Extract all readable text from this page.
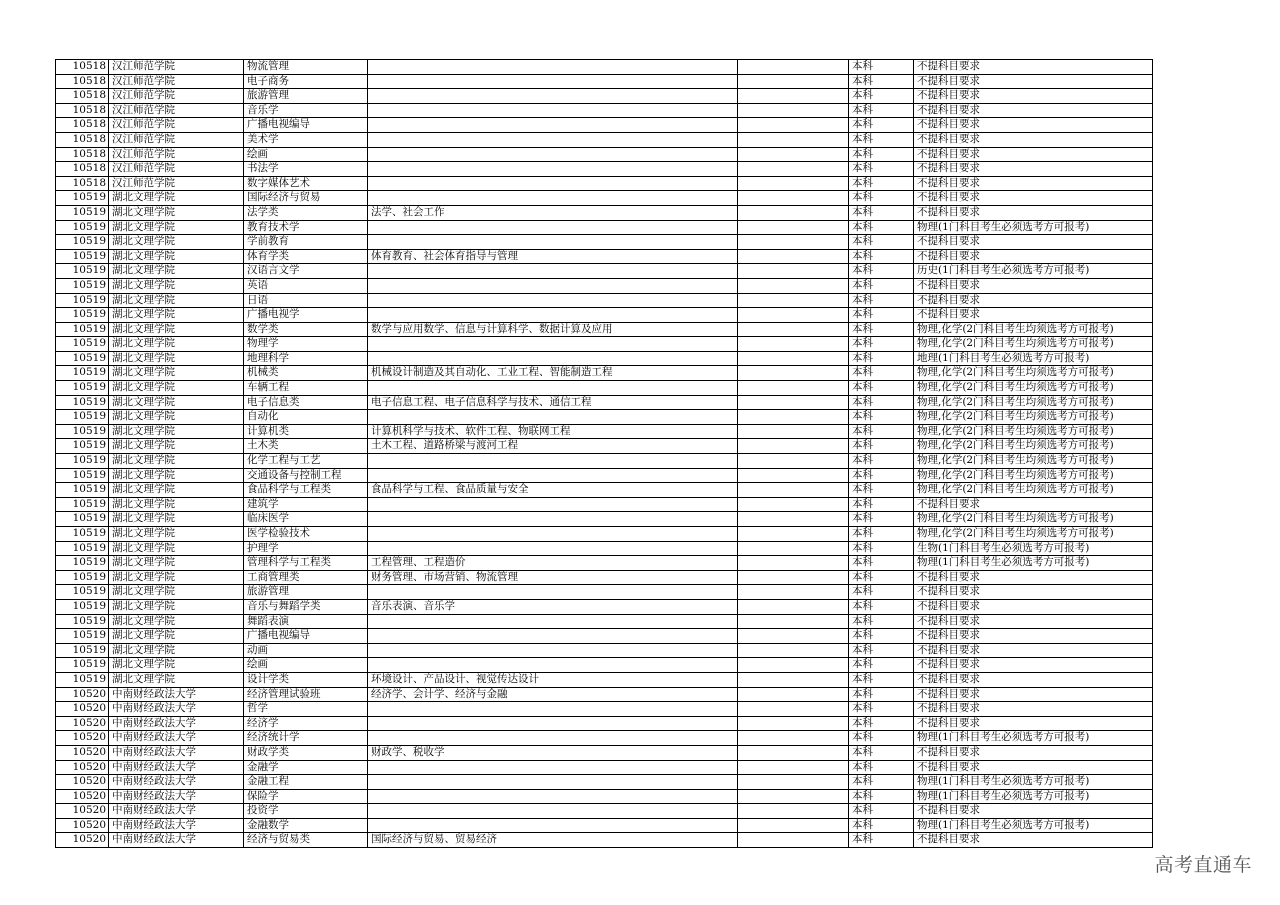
10518	汉江师范学院	物流管理			本科	不提科目要求
10518	汉江师范学院	电子商务			本科	不提科目要求
10518	汉江师范学院	旅游管理			本科	不提科目要求
10518	汉江师范学院	音乐学			本科	不提科目要求
10518	汉江师范学院	广播电视编导			本科	不提科目要求
10518	汉江师范学院	美术学			本科	不提科目要求
10518	汉江师范学院	绘画			本科	不提科目要求
10518	汉江师范学院	书法学			本科	不提科目要求
10518	汉江师范学院	数字媒体艺术			本科	不提科目要求
10519	湖北文理学院	国际经济与贸易			本科	不提科目要求
10519	湖北文理学院	法学类	法学、社会工作		本科	不提科目要求
10519	湖北文理学院	教育技术学			本科	物理(1门科目考生必须选考方可报考)
10519	湖北文理学院	学前教育			本科	不提科目要求
10519	湖北文理学院	体育学类	体育教育、社会体育指导与管理		本科	不提科目要求
10519	湖北文理学院	汉语言文学			本科	历史(1门科目考生必须选考方可报考)
10519	湖北文理学院	英语			本科	不提科目要求
10519	湖北文理学院	日语			本科	不提科目要求
10519	湖北文理学院	广播电视学			本科	不提科目要求
10519	湖北文理学院	数学类	数学与应用数学、信息与计算科学、数据计算及应用		本科	物理,化学(2门科目考生均须选考方可报考)
10519	湖北文理学院	物理学			本科	物理,化学(2门科目考生均须选考方可报考)
10519	湖北文理学院	地理科学			本科	地理(1门科目考生必须选考方可报考)
10519	湖北文理学院	机械类	机械设计制造及其自动化、工业工程、智能制造工程		本科	物理,化学(2门科目考生均须选考方可报考)
10519	湖北文理学院	车辆工程			本科	物理,化学(2门科目考生均须选考方可报考)
10519	湖北文理学院	电子信息类	电子信息工程、电子信息科学与技术、通信工程		本科	物理,化学(2门科目考生均须选考方可报考)
10519	湖北文理学院	自动化			本科	物理,化学(2门科目考生均须选考方可报考)
10519	湖北文理学院	计算机类	计算机科学与技术、软件工程、物联网工程		本科	物理,化学(2门科目考生均须选考方可报考)
10519	湖北文理学院	土木类	土木工程、道路桥梁与渡河工程		本科	物理,化学(2门科目考生均须选考方可报考)
10519	湖北文理学院	化学工程与工艺			本科	物理,化学(2门科目考生均须选考方可报考)
10519	湖北文理学院	交通设备与控制工程			本科	物理,化学(2门科目考生均须选考方可报考)
10519	湖北文理学院	食品科学与工程类	食品科学与工程、食品质量与安全		本科	物理,化学(2门科目考生均须选考方可报考)
10519	湖北文理学院	建筑学			本科	不提科目要求
10519	湖北文理学院	临床医学			本科	物理,化学(2门科目考生均须选考方可报考)
10519	湖北文理学院	医学检验技术			本科	物理,化学(2门科目考生均须选考方可报考)
10519	湖北文理学院	护理学			本科	生物(1门科目考生必须选考方可报考)
10519	湖北文理学院	管理科学与工程类	工程管理、工程造价		本科	物理(1门科目考生必须选考方可报考)
10519	湖北文理学院	工商管理类	财务管理、市场营销、物流管理		本科	不提科目要求
10519	湖北文理学院	旅游管理			本科	不提科目要求
10519	湖北文理学院	音乐与舞蹈学类	音乐表演、音乐学		本科	不提科目要求
10519	湖北文理学院	舞蹈表演			本科	不提科目要求
10519	湖北文理学院	广播电视编导			本科	不提科目要求
10519	湖北文理学院	动画			本科	不提科目要求
10519	湖北文理学院	绘画			本科	不提科目要求
10519	湖北文理学院	设计学类	环境设计、产品设计、视觉传达设计		本科	不提科目要求
10520	中南财经政法大学	经济管理试验班	经济学、会计学、经济与金融		本科	不提科目要求
10520	中南财经政法大学	哲学			本科	不提科目要求
10520	中南财经政法大学	经济学			本科	不提科目要求
10520	中南财经政法大学	经济统计学			本科	物理(1门科目考生必须选考方可报考)
10520	中南财经政法大学	财政学类	财政学、税收学		本科	不提科目要求
10520	中南财经政法大学	金融学			本科	不提科目要求
10520	中南财经政法大学	金融工程			本科	物理(1门科目考生必须选考方可报考)
10520	中南财经政法大学	保险学			本科	物理(1门科目考生必须选考方可报考)
10520	中南财经政法大学	投资学			本科	不提科目要求
10520	中南财经政法大学	金融数学			本科	物理(1门科目考生必须选考方可报考)
10520	中南财经政法大学	经济与贸易类	国际经济与贸易、贸易经济		本科	不提科目要求
高考直通车
